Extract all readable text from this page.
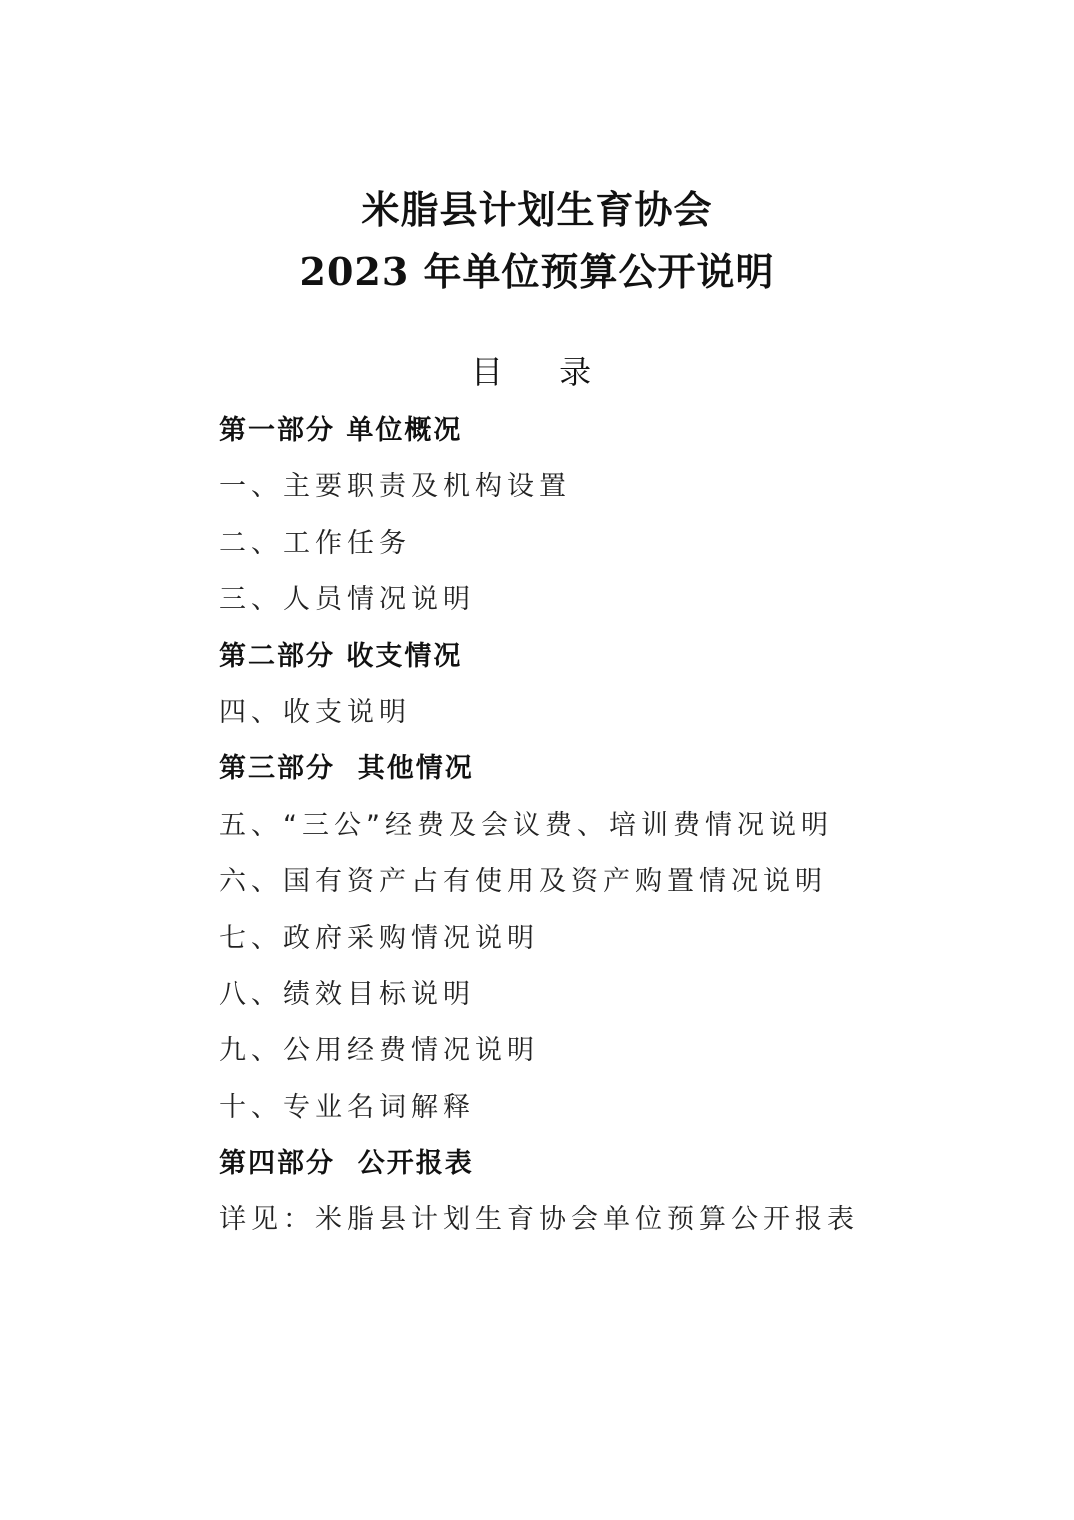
米脂县计划生育协会
2023 年单位预算公开说明
目  录
第一部分 单位概况
一、主要职责及机构设置
二、工作任务
三、人员情况说明
第二部分 收支情况
四、收支说明
第三部分  其他情况
五、“三公”经费及会议费、培训费情况说明
六、国有资产占有使用及资产购置情况说明
七、政府采购情况说明
八、绩效目标说明
九、公用经费情况说明
十、专业名词解释
第四部分  公开报表
详见：米脂县计划生育协会单位预算公开报表
